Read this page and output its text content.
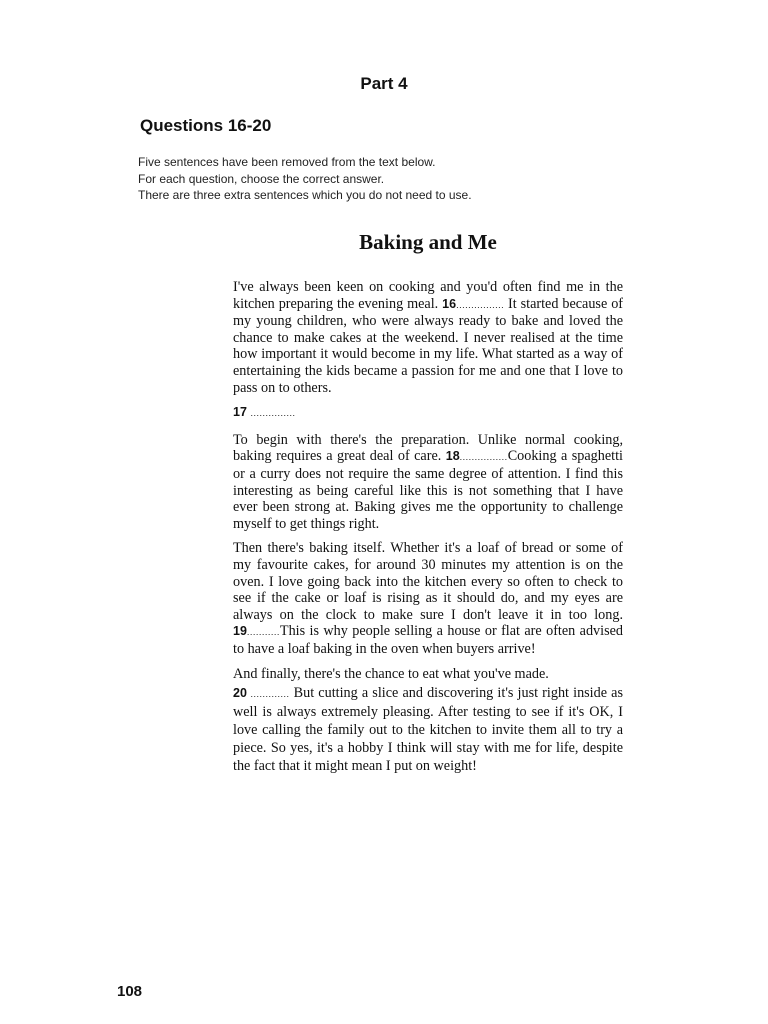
Part 4
Questions 16-20
Five sentences have been removed from the text below.
For each question, choose the correct answer.
There are three extra sentences which you do not need to use.
Baking and Me

I've always been keen on cooking and you'd often find me in the kitchen preparing the evening meal. 16................ It started because of my young children, who were always ready to bake and loved the chance to make cakes at the weekend. I never realised at the time how important it would become in my life. What started as a way of entertaining the kids became a passion for me and one that I love to pass on to others.

17 ...............

To begin with there's the preparation. Unlike normal cooking, baking requires a great deal of care. 18................Cooking a spaghetti or a curry does not require the same degree of attention. I find this interesting as being careful like this is not something that I have ever been strong at. Baking gives me the opportunity to challenge myself to get things right.

Then there's baking itself. Whether it's a loaf of bread or some of my favourite cakes, for around 30 minutes my attention is on the oven. I love going back into the kitchen every so often to check to see if the cake or loaf is rising as it should do, and my eyes are always on the clock to make sure I don't leave it in too long. 19...........This is why people selling a house or flat are often advised to have a loaf baking in the oven when buyers arrive!

And finally, there's the chance to eat what you've made.
20 ............. But cutting a slice and discovering it's just right inside as well is always extremely pleasing. After testing to see if it's OK, I love calling the family out to the kitchen to invite them all to try a piece. So yes, it's a hobby I think will stay with me for life, despite the fact that it might mean I put on weight!

108
